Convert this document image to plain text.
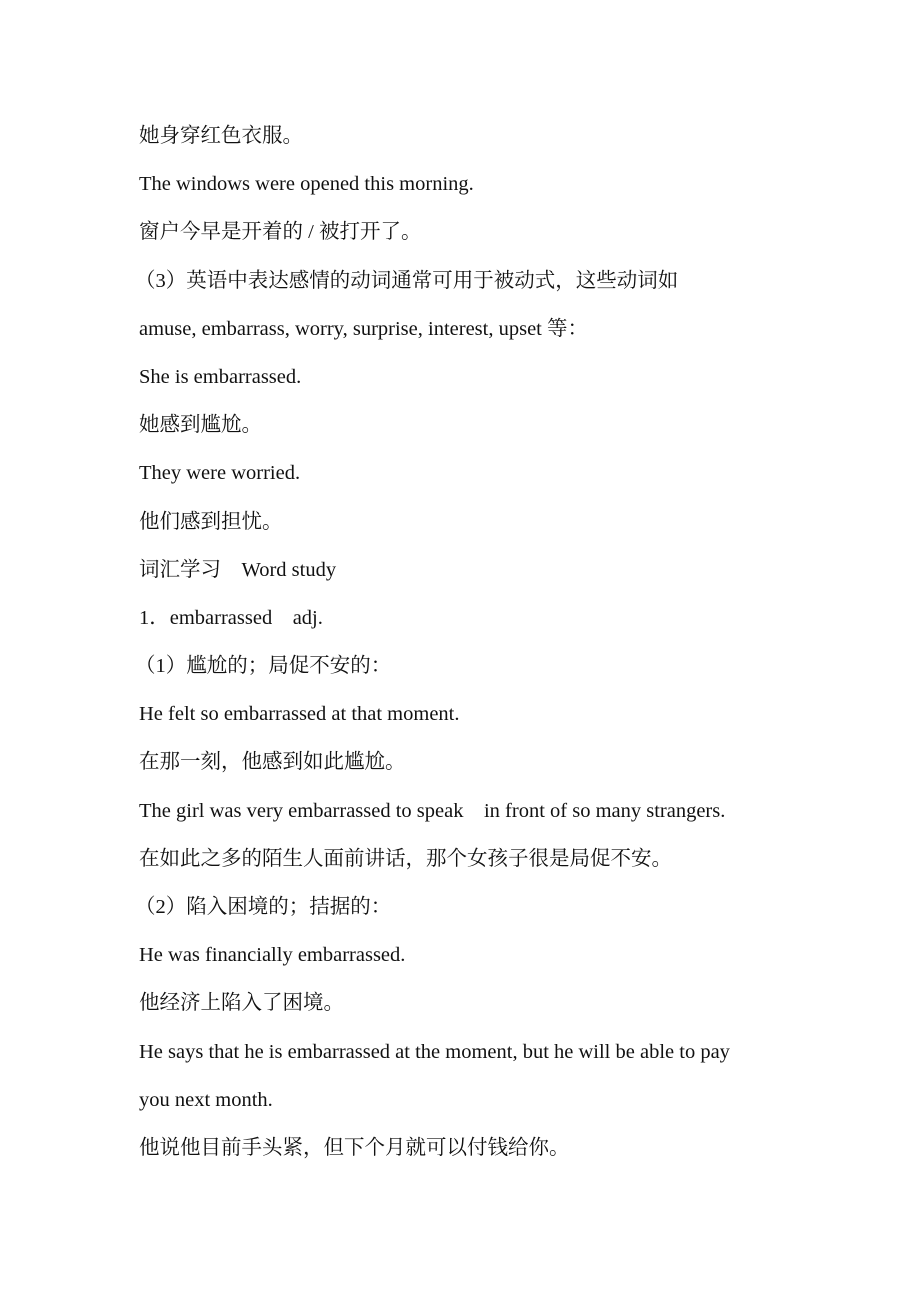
她身穿红色衣服。

The windows were opened this morning.

窗户今早是开着的 / 被打开了。

（3）英语中表达感情的动词通常可用于被动式，这些动词如

amuse, embarrass, worry, surprise, interest, upset 等：

She is embarrassed.

她感到尴尬。

They were worried.

他们感到担忧。

词汇学习    Word study

1．embarrassed    adj.

（1）尴尬的；局促不安的：

He felt so embarrassed at that moment.

在那一刻，他感到如此尴尬。

The girl was very embarrassed to speak    in front of so many strangers.

在如此之多的陌生人面前讲话，那个女孩子很是局促不安。

（2）陷入困境的；拮据的：

He was financially embarrassed.

他经济上陷入了困境。

He says that he is embarrassed at the moment, but he will be able to pay

you next month.

他说他目前手头紧，但下个月就可以付钱给你。
